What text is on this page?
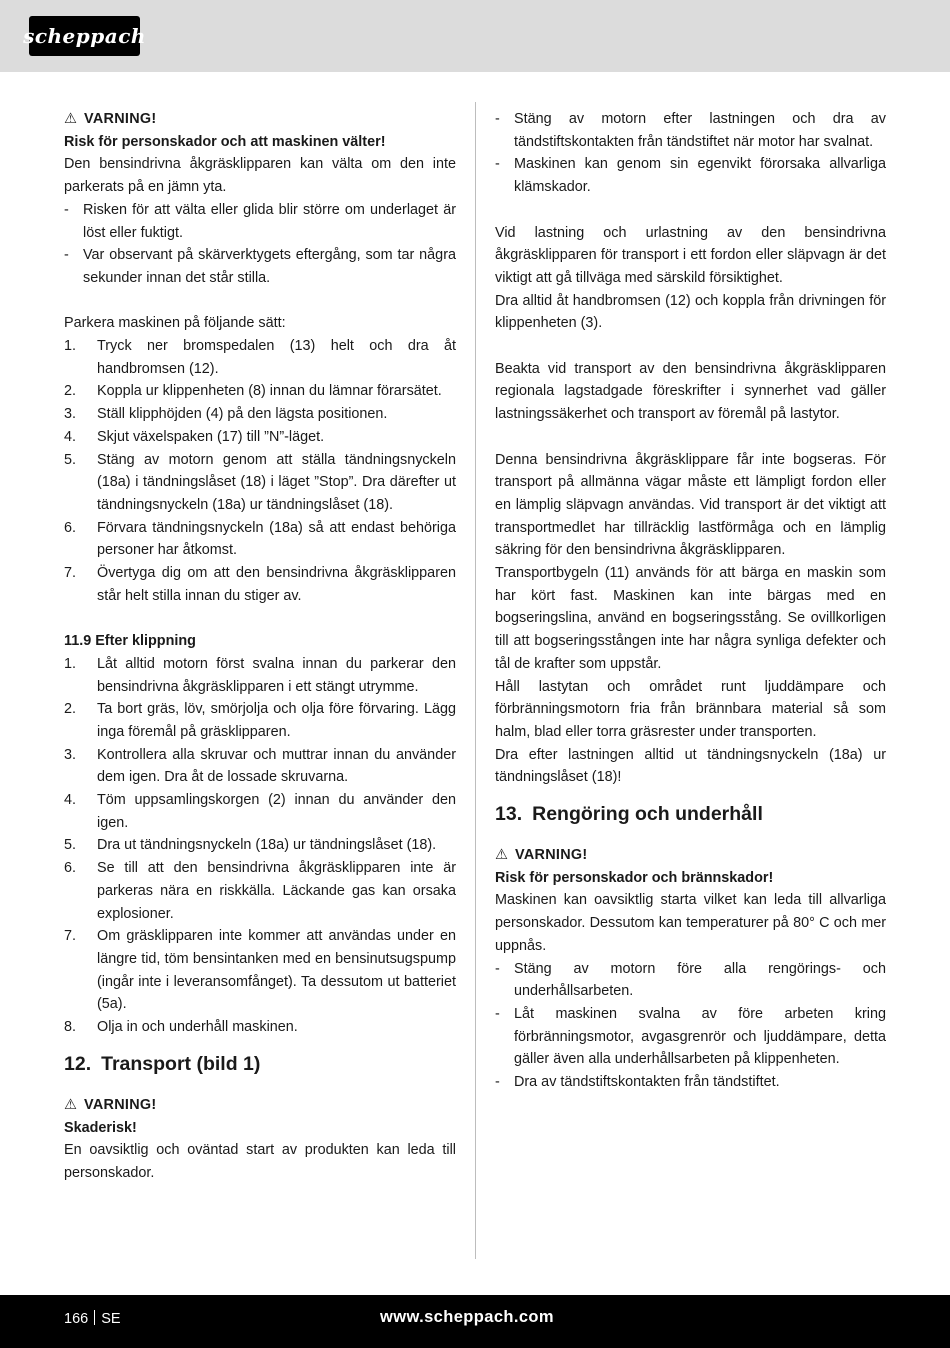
scheppach
⚠ VARNING!
Risk för personskador och att maskinen välter!
Den bensindrivna åkgräsklipparen kan välta om den inte parkerats på en jämn yta.
- Risken för att välta eller glida blir större om underlaget är löst eller fuktigt.
- Var observant på skärverktygets eftergång, som tar några sekunder innan det står stilla.
Parkera maskinen på följande sätt:
1. Tryck ner bromspedalen (13) helt och dra åt handbromsen (12).
2. Koppla ur klippenheten (8) innan du lämnar förarsätet.
3. Ställ klipphöjden (4) på den lägsta positionen.
4. Skjut växelspaken (17) till ”N”-läget.
5. Stäng av motorn genom att ställa tändningsnyckeln (18a) i tändningslåset (18) i läget ”Stop”. Dra därefter ut tändningsnyckeln (18a) ur tändningslåset (18).
6. Förvara tändningsnyckeln (18a) så att endast behöriga personer har åtkomst.
7. Övertyga dig om att den bensindrivna åkgräsklipparen står helt stilla innan du stiger av.
11.9 Efter klippning
1. Låt alltid motorn först svalna innan du parkerar den bensindrivna åkgräsklipparen i ett stängt utrymme.
2. Ta bort gräs, löv, smörjolja och olja före förvaring. Lägg inga föremål på gräsklipparen.
3. Kontrollera alla skruvar och muttrar innan du använder dem igen. Dra åt de lossade skruvarna.
4. Töm uppsamlingskorgen (2) innan du använder den igen.
5. Dra ut tändningsnyckeln (18a) ur tändningslåset (18).
6. Se till att den bensindrivna åkgräsklipparen inte är parkeras nära en riskkälla. Läckande gas kan orsaka explosioner.
7. Om gräsklipparen inte kommer att användas under en längre tid, töm bensintanken med en bensinutsugspump (ingår inte i leveransomfånget). Ta dessutom ut batteriet (5a).
8. Olja in och underhåll maskinen.
12. Transport (bild 1)
⚠ VARNING!
Skaderisk!
En oavsiktlig och oväntad start av produkten kan leda till personskador.
- Stäng av motorn efter lastningen och dra av tändstiftskontakten från tändstiftet när motor har svalnat.
- Maskinen kan genom sin egenvikt förorsaka allvarliga klämskador.
Vid lastning och urlastning av den bensindrivna åkgräsklipparen för transport i ett fordon eller släpvagn är det viktigt att gå tillväga med särskild försiktighet.
Dra alltid åt handbromsen (12) och koppla från drivningen för klippenheten (3).
Beakta vid transport av den bensindrivna åkgräsklipparen regionala lagstadgade föreskrifter i synnerhet vad gäller lastningssäkerhet och transport av föremål på lastytor.
Denna bensindrivna åkgräsklippare får inte bogseras. För transport på allmänna vägar måste ett lämpligt fordon eller en lämplig släpvagn användas. Vid transport är det viktigt att transportmedlet har tillräcklig lastförmåga och en lämplig säkring för den bensindrivna åkgräsklipparen.
Transportbygeln (11) används för att bärga en maskin som har kört fast. Maskinen kan inte bärgas med en bogseringslina, använd en bogseringsstång. Se ovillkorligen till att bogseringsstången inte har några synliga defekter och tål de krafter som uppstår.
Håll lastytan och området runt ljuddämpare och förbränningsmotorn fria från brännbara material så som halm, blad eller torra gräsrester under transporten.
Dra efter lastningen alltid ut tändningsnyckeln (18a) ur tändningslåset (18)!
13. Rengöring och underhåll
⚠ VARNING!
Risk för personskador och brännskador!
Maskinen kan oavsiktlig starta vilket kan leda till allvarliga personskador. Dessutom kan temperaturer på 80° C och mer uppnås.
- Stäng av motorn före alla rengörings- och underhållsarbeten.
- Låt maskinen svalna av före arbeten kring förbränningsmotor, avgasgrenrör och ljuddämpare, detta gäller även alla underhållsarbeten på klippenheten.
- Dra av tändstiftskontakten från tändstiftet.
166 SE	www.scheppach.com
